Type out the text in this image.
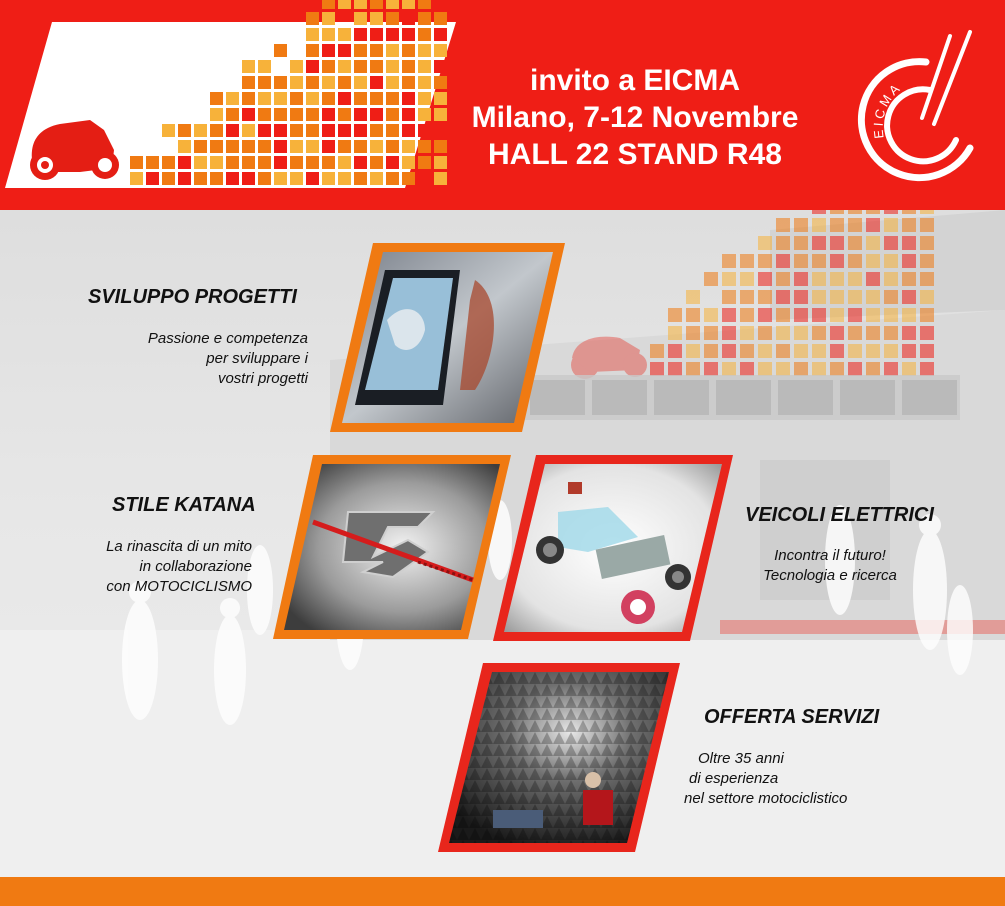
invito a EICMA
Milano, 7-12 Novembre
HALL 22 STAND R48
EICMA
SVILUPPO PROGETTI
Passione e competenza
per sviluppare i
vostri progetti
STILE KATANA
La rinascita di un mito
in collaborazione
con MOTOCICLISMO
VEICOLI ELETTRICI
Incontra il futuro!
Tecnologia e ricerca
OFFERTA SERVIZI
Oltre 35 anni
di esperienza
nel settore motociclistico
